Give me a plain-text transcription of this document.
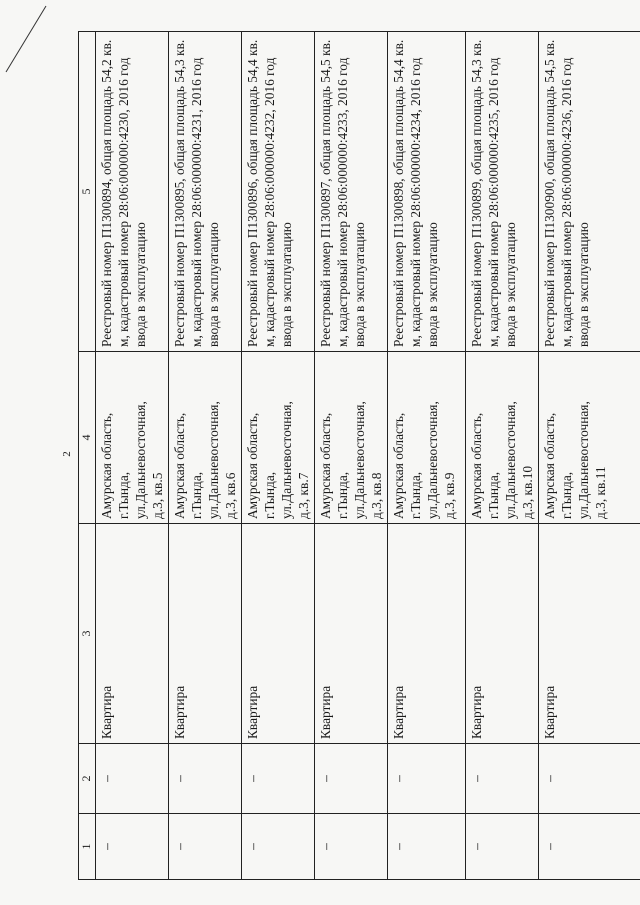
2
1	2	3	4	5
–	–	Квартира	Амурская область, г.Тында, ул.Дальневосточная, д.3, кв.5	Реестровый номер П1300894, общая площадь 54,2 кв. м, кадастровый номер 28:06:000000:4230, 2016 год ввода в эксплуатацию
–	–	Квартира	Амурская область, г.Тында, ул.Дальневосточная, д.3, кв.6	Реестровый номер П1300895, общая площадь 54,3 кв. м, кадастровый номер 28:06:000000:4231, 2016 год ввода в эксплуатацию
–	–	Квартира	Амурская область, г.Тында, ул.Дальневосточная, д.3, кв.7	Реестровый номер П1300896, общая площадь 54,4 кв. м, кадастровый номер 28:06:000000:4232, 2016 год ввода в эксплуатацию
–	–	Квартира	Амурская область, г.Тында, ул.Дальневосточная, д.3, кв.8	Реестровый номер П1300897, общая площадь 54,5 кв. м, кадастровый номер 28:06:000000:4233, 2016 год ввода в эксплуатацию
–	–	Квартира	Амурская область, г.Тында, ул.Дальневосточная, д.3, кв.9	Реестровый номер П1300898, общая площадь 54,4 кв. м, кадастровый номер 28:06:000000:4234, 2016 год ввода в эксплуатацию
–	–	Квартира	Амурская область, г.Тында, ул.Дальневосточная, д.3, кв.10	Реестровый номер П1300899, общая площадь 54,3 кв. м, кадастровый номер 28:06:000000:4235, 2016 год ввода в эксплуатацию
–	–	Квартира	Амурская область, г.Тында, ул.Дальневосточная, д.3, кв.11	Реестровый номер П1300900, общая площадь 54,5 кв. м, кадастровый номер 28:06:000000:4236, 2016 год ввода в эксплуатацию
